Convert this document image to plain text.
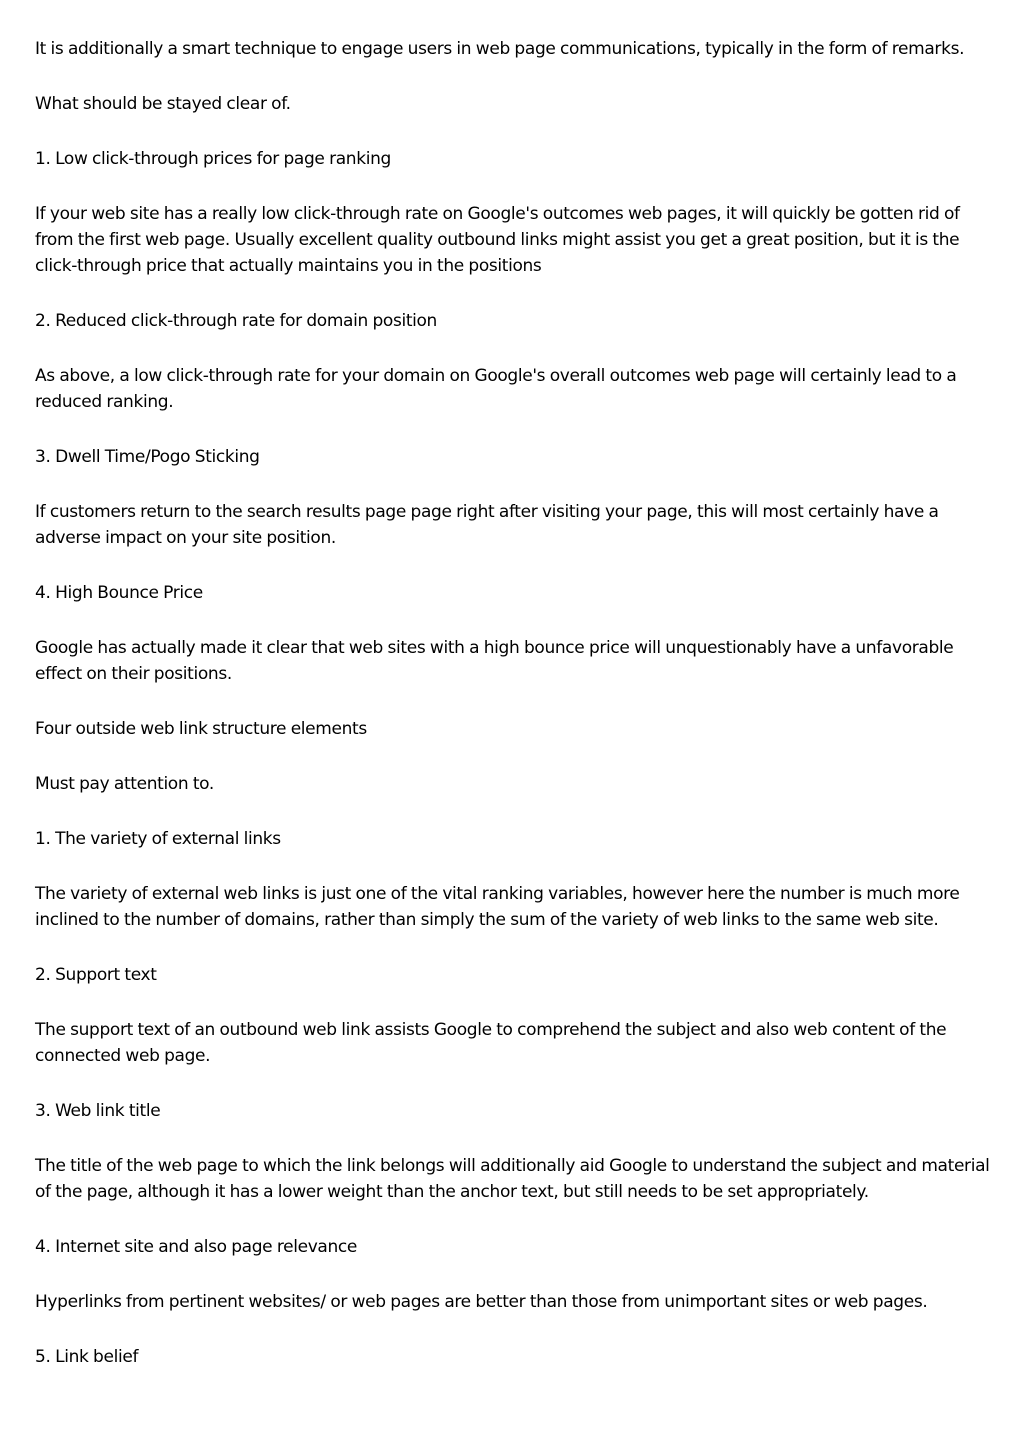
It is additionally a smart technique to engage users in web page communications, typically in the form of remarks.

What should be stayed clear of.

1. Low click-through prices for page ranking

If your web site has a really low click-through rate on Google's outcomes web pages, it will quickly be gotten rid of from the first web page. Usually excellent quality outbound links might assist you get a great position, but it is the click-through price that actually maintains you in the positions

2. Reduced click-through rate for domain position

As above, a low click-through rate for your domain on Google's overall outcomes web page will certainly lead to a reduced ranking.

3. Dwell Time/Pogo Sticking

If customers return to the search results page page right after visiting your page, this will most certainly have a adverse impact on your site position.

4. High Bounce Price

Google has actually made it clear that web sites with a high bounce price will unquestionably have a unfavorable effect on their positions.

Four outside web link structure elements

Must pay attention to.

1. The variety of external links

The variety of external web links is just one of the vital ranking variables, however here the number is much more inclined to the number of domains, rather than simply the sum of the variety of web links to the same web site.

2. Support text

The support text of an outbound web link assists Google to comprehend the subject and also web content of the connected web page.

3. Web link title

The title of the web page to which the link belongs will additionally aid Google to understand the subject and material of the page, although it has a lower weight than the anchor text, but still needs to be set appropriately.

4. Internet site and also page relevance

Hyperlinks from pertinent websites/ or web pages are better than those from unimportant sites or web pages.

5. Link belief
